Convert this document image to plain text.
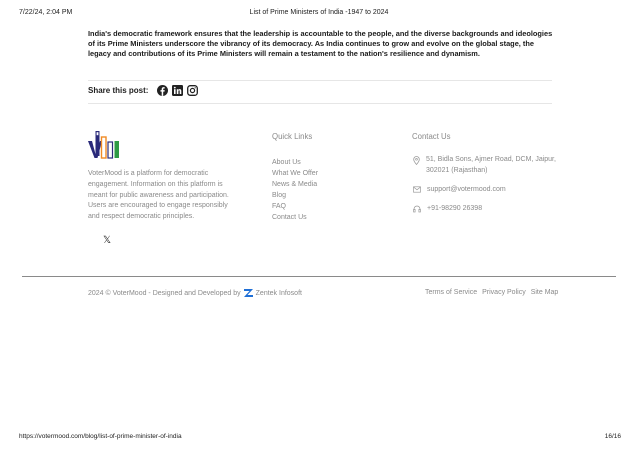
7/22/24, 2:04 PM	List of Prime Ministers of India -1947 to 2024
India's democratic framework ensures that the leadership is accountable to the people, and the diverse backgrounds and ideologies of its Prime Ministers underscore the vibrancy of its democracy. As India continues to grow and evolve on the global stage, the legacy and contributions of its Prime Ministers will remain a testament to the nation's resilience and dynamism.
Share this post:
VoterMood is a platform for democratic engagement. Information on this platform is meant for public awareness and participation. Users are encouraged to engage responsibly and respect democratic principles.
𝕏
Quick Links
About Us
What We Offer
News & Media
Blog
FAQ
Contact Us
Contact Us
51, Bidla Sons, Ajmer Road, DCM, Jaipur, 302021 (Rajasthan)
support@votermood.com
+91-98290 26398
2024 © VoterMood - Designed and Developed by Zentek Infosoft	Terms of Service Privacy Policy Site Map
https://votermood.com/blog/list-of-prime-minister-of-india	16/16
